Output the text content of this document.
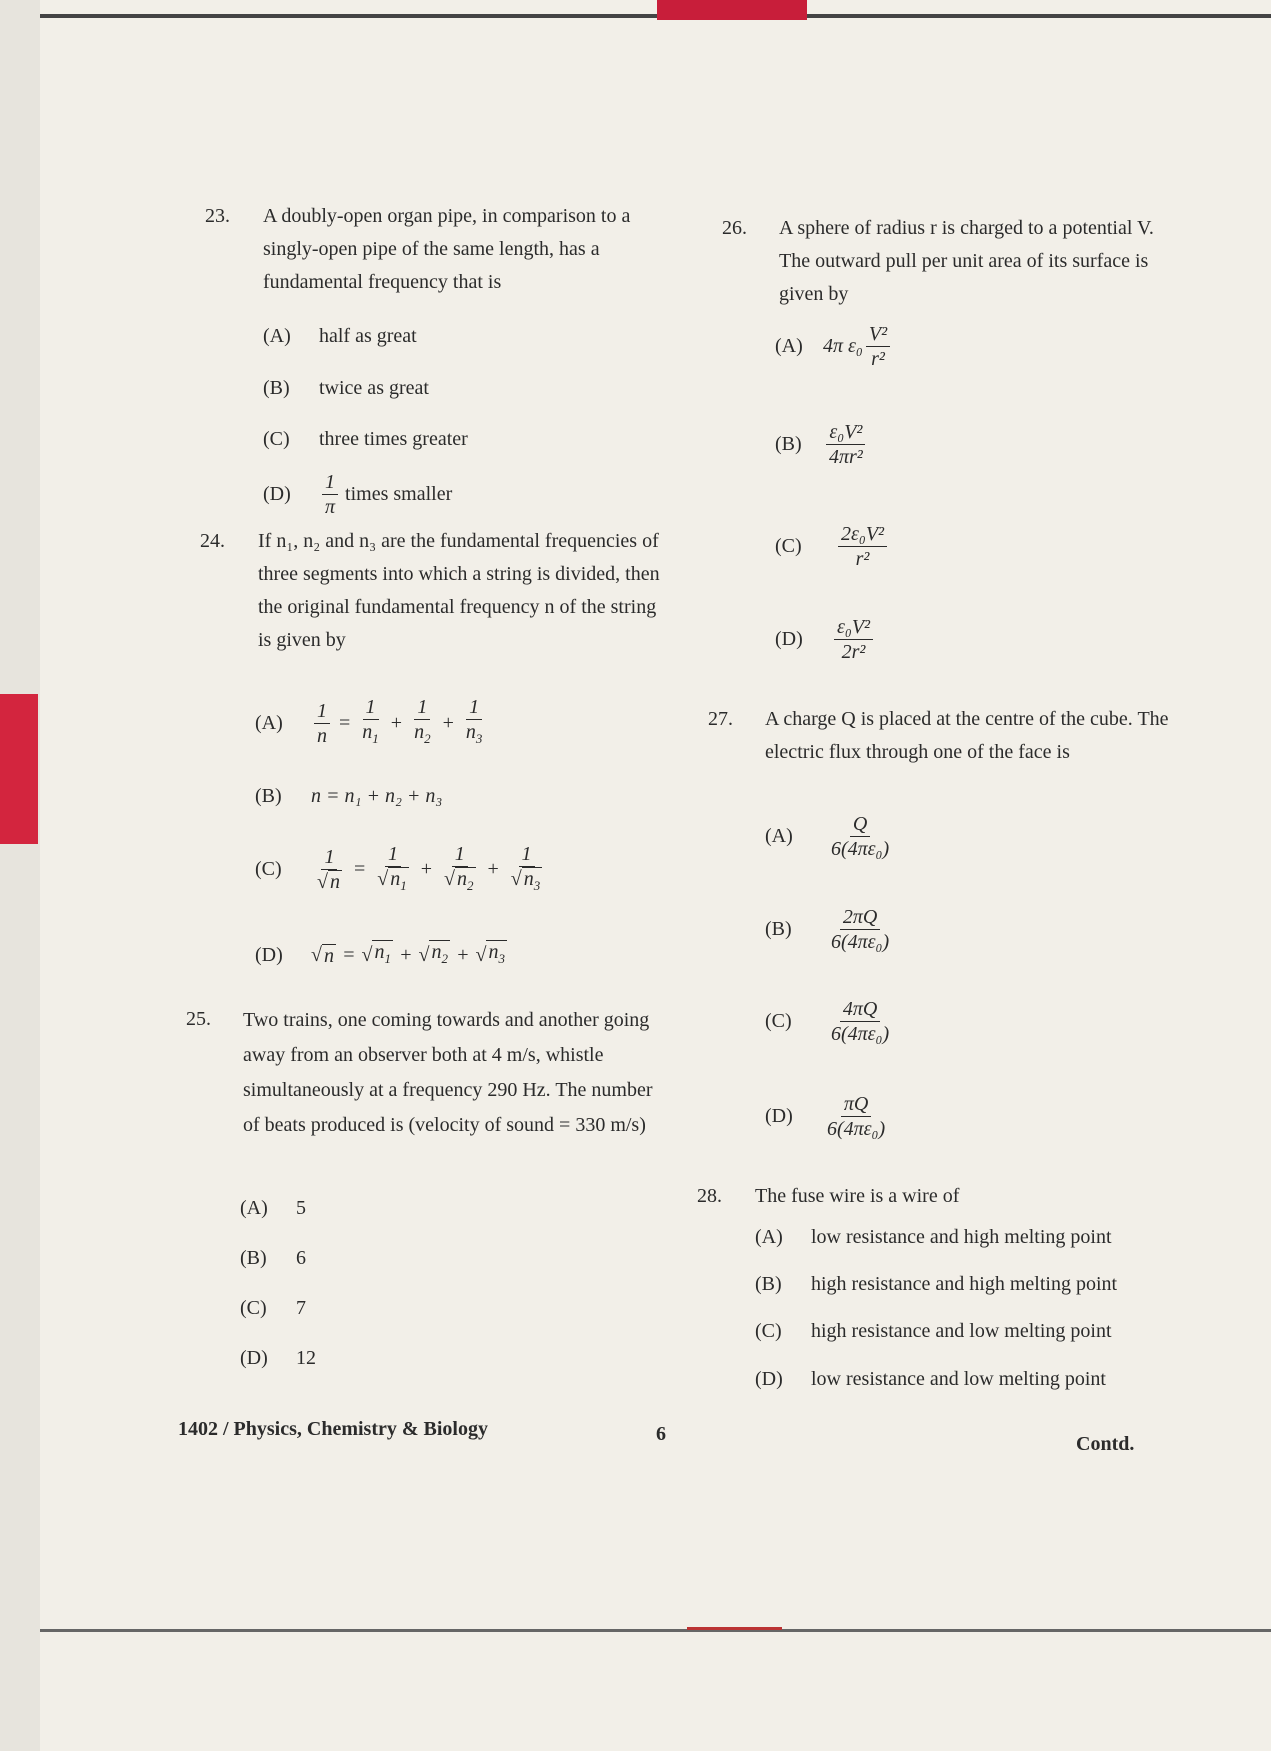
23. A doubly-open organ pipe, in comparison to a singly-open pipe of the same length, has a fundamental frequency that is
(A)	half as great
(B)	twice as great
(C)	three times greater
(D)	$\frac{1}{\pi}$ times smaller
24. If n₁, n₂ and n₃ are the fundamental frequencies of three segments into which a string is divided, then the original fundamental frequency n of the string is given by
(A)	$\frac{1}{n} = \frac{1}{n_1} + \frac{1}{n_2} + \frac{1}{n_3}$
(B)	n = n₁ + n₂ + n₃
(C)	$\frac{1}{√ n} = \frac{1}{√ n_1} + \frac{1}{√ n_2} + \frac{1}{√ n_3}$
(D)	√ n = √ $n_1$ + √ $n_2$ + √ $n_3$
25. Two trains, one coming towards and another going away from an observer both at 4 m/s, whistle simultaneously at a frequency 290 Hz. The number of beats produced is (velocity of sound = 330 m/s)
(A)	5
(B)	6
(C)	7
(D)	12
26. A sphere of radius r is charged to a potential V. The outward pull per unit area of its surface is given by
(A)	4π $\varepsilon_0 \frac{\text{V²}}{\text{r²}}$
(B)	$\frac{\text{ε₀V²}}{\text{4πr²}}$
(C)	$\frac{\text{2ε₀V²}}{\text{r²}}$
(D)	$\frac{\text{ε₀V²}}{\text{2r²}}$
27. A charge Q is placed at the centre of the cube. The electric flux through one of the face is
(A)	$\frac{Q}{\text{6(4πε₀)}}$
(B)	$\frac{2\pi Q}{\text{6(4πε₀)}}$
(C)	$\frac{4\pi Q}{\text{6(4πε₀)}}$
(D)	$\frac{\pi Q}{\text{6(4πε₀)}}$
28. The fuse wire is a wire of
(A)	low resistance and high melting point
(B)	high resistance and high melting point
(C)	high resistance and low melting point
(D)	low resistance and low melting point
1402 / Physics, Chemistry & Biology	6	Contd.
